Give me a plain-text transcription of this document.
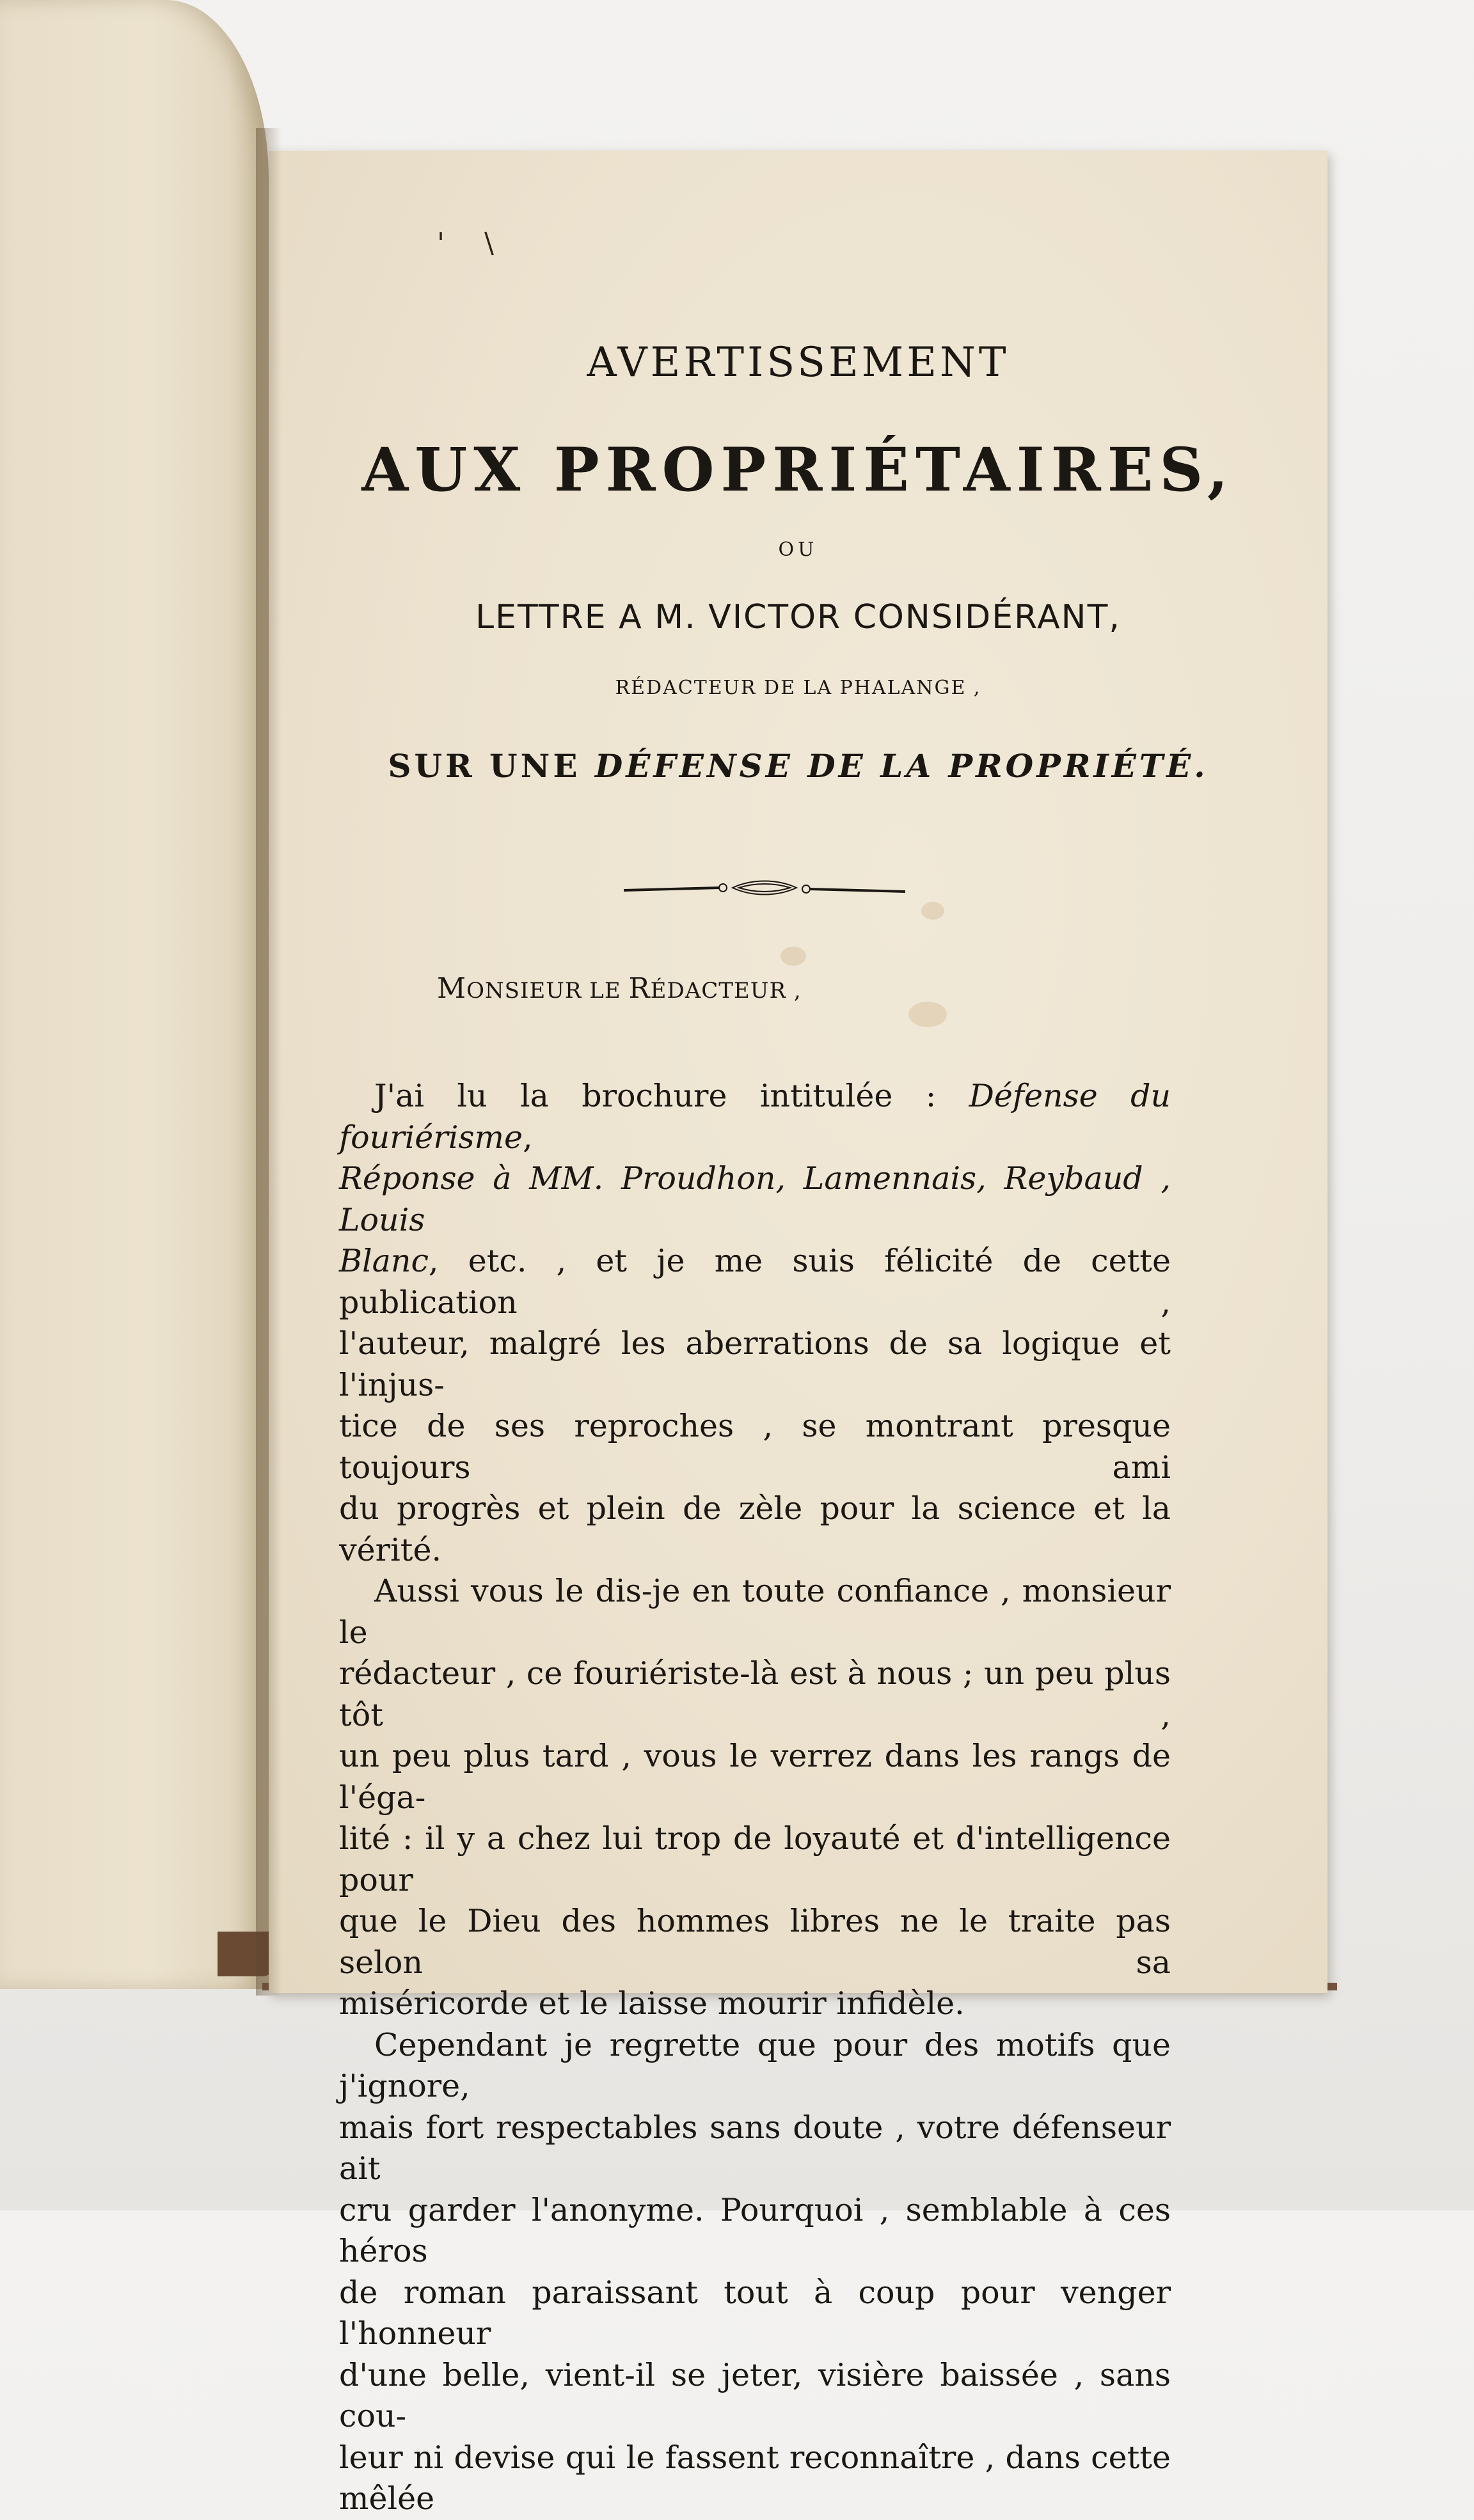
' \
AVERTISSEMENT
AUX PROPRIÉTAIRES,
OU
LETTRE A M. VICTOR CONSIDÉRANT,
RÉDACTEUR DE LA PHALANGE ,
SUR UNE DÉFENSE DE LA PROPRIÉTÉ.
MONSIEUR LE RÉDACTEUR ,

J'ai lu la brochure intitulée : Défense du fouriérisme,

Réponse à MM. Proudhon, Lamennais, Reybaud , Louis

Blanc, etc. , et je me suis félicité de cette publication ,

l'auteur, malgré les aberrations de sa logique et l'injus-

tice de ses reproches , se montrant presque toujours ami

du progrès et plein de zèle pour la science et la vérité.

Aussi vous le dis-je en toute confiance , monsieur le

rédacteur , ce fouriériste-là est à nous ; un peu plus tôt ,

un peu plus tard , vous le verrez dans les rangs de l'éga-

lité : il y a chez lui trop de loyauté et d'intelligence pour

que le Dieu des hommes libres ne le traite pas selon sa

miséricorde et le laisse mourir infidèle.

Cependant je regrette que pour des motifs que j'ignore,

mais fort respectables sans doute , votre défenseur ait

cru garder l'anonyme. Pourquoi , semblable à ces héros

de roman paraissant tout à coup pour venger l'honneur

d'une belle, vient-il se jeter, visière baissée , sans cou-

leur ni devise qui le fassent reconnaître , dans cette mêlée
